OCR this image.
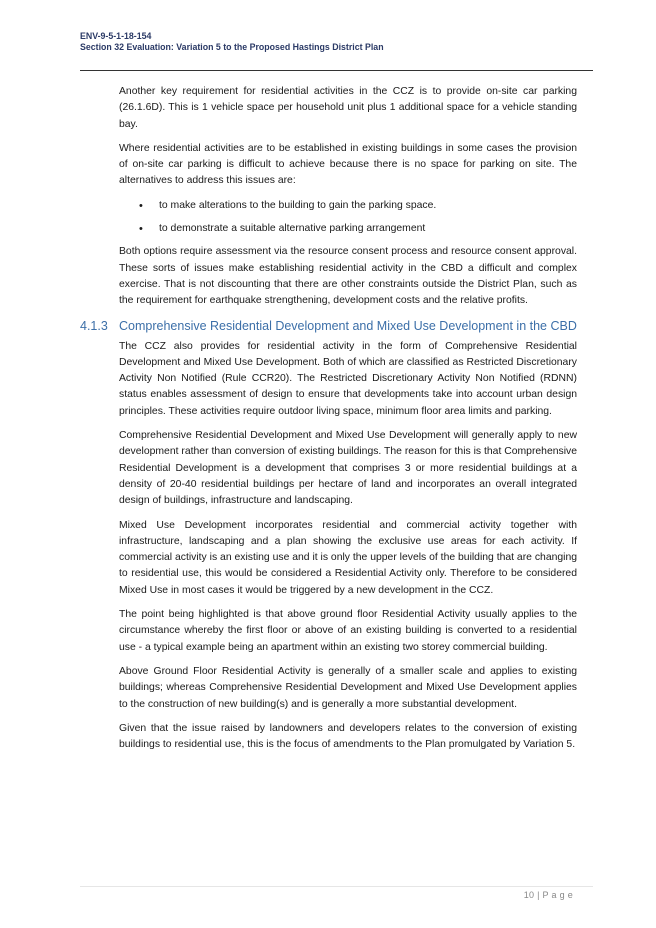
ENV-9-5-1-18-154
Section 32 Evaluation: Variation 5 to the Proposed Hastings District Plan

Another key requirement for residential activities in the CCZ is to provide on-site car parking (26.1.6D). This is 1 vehicle space per household unit plus 1 additional space for a vehicle standing bay.

Where residential activities are to be established in existing buildings in some cases the provision of on-site car parking is difficult to achieve because there is no space for parking on site. The alternatives to address this issues are:

• to make alterations to the building to gain the parking space.
• to demonstrate a suitable alternative parking arrangement

Both options require assessment via the resource consent process and resource consent approval. These sorts of issues make establishing residential activity in the CBD a difficult and complex exercise. That is not discounting that there are other constraints outside the District Plan, such as the requirement for earthquake strengthening, development costs and the relative profits.

4.1.3 Comprehensive Residential Development and Mixed Use Development in the CBD

The CCZ also provides for residential activity in the form of Comprehensive Residential Development and Mixed Use Development. Both of which are classified as Restricted Discretionary Activity Non Notified (Rule CCR20). The Restricted Discretionary Activity Non Notified (RDNN) status enables assessment of design to ensure that developments take into account urban design principles. These activities require outdoor living space, minimum floor area limits and parking.

Comprehensive Residential Development and Mixed Use Development will generally apply to new development rather than conversion of existing buildings. The reason for this is that Comprehensive Residential Development is a development that comprises 3 or more residential buildings at a density of 20-40 residential buildings per hectare of land and incorporates an overall integrated design of buildings, infrastructure and landscaping.

Mixed Use Development incorporates residential and commercial activity together with infrastructure, landscaping and a plan showing the exclusive use areas for each activity. If commercial activity is an existing use and it is only the upper levels of the building that are changing to residential use, this would be considered a Residential Activity only. Therefore to be considered Mixed Use in most cases it would be triggered by a new development in the CCZ.

The point being highlighted is that above ground floor Residential Activity usually applies to the circumstance whereby the first floor or above of an existing building is converted to a residential use - a typical example being an apartment within an existing two storey commercial building.

Above Ground Floor Residential Activity is generally of a smaller scale and applies to existing buildings; whereas Comprehensive Residential Development and Mixed Use Development applies to the construction of new building(s) and is generally a more substantial development.

Given that the issue raised by landowners and developers relates to the conversion of existing buildings to residential use, this is the focus of amendments to the Plan promulgated by Variation 5.

10 | P a g e
